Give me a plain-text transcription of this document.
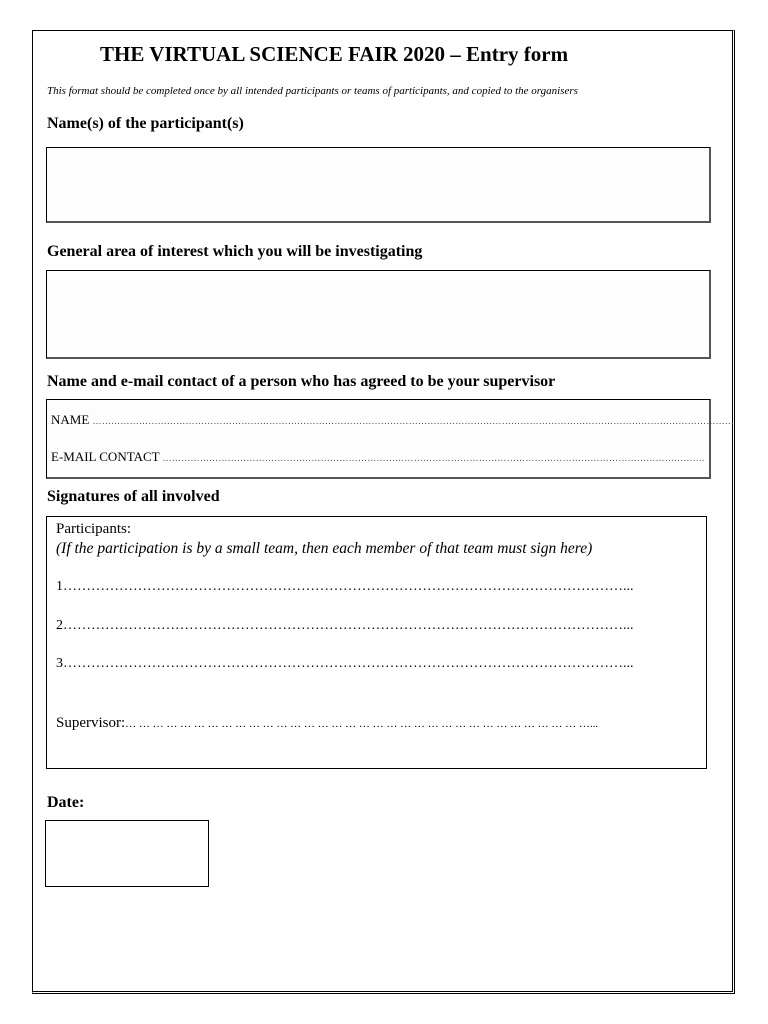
THE VIRTUAL SCIENCE FAIR 2020 – Entry form
This format should be completed once by all intended participants or teams of participants, and copied to the organisers
Name(s) of the participant(s)
General area of interest which you will be investigating
Name and e-mail contact of a person who has agreed to be your supervisor
NAME ………………………………………………………………………………………………………………………………………………………………………………………
E-MAIL CONTACT ………………………………………………………………………………………………………………………………………………………….
Signatures of all involved
Participants:
(If the participation is by a small team, then each member of that team must sign here)
1…………………………………………………………………………………………………………...
2…………………………………………………………………………………………………………...
3…………………………………………………………………………………………………………...
Supervisor:… … … … … … … … … … … … … … … … … … … … … … … … … … … … … … … … … …...
Date:
